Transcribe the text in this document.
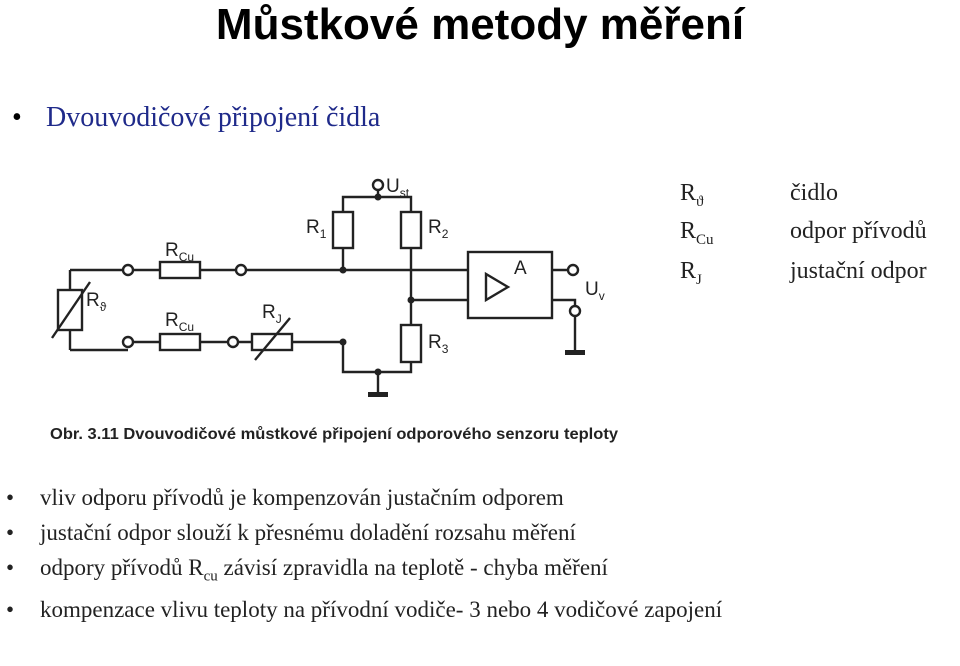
Můstkové metody měření
• Dvouvodičové připojení čidla
$R_ϑ$	čidlo
$R_{Cu}$	odpor přívodů
$R_J$	justační odpor
$R_{Cu}$
$R_{Cu}$
$R_ϑ$	$R_J$
$R_1$	$R_2$
$R_3$
$U_{st}$
$U_v$
A
Obr. 3.11 Dvouvodičové můstkové připojení odporového senzoru teploty
• vliv odporu přívodů je kompenzován justačním odporem
• justační odpor slouží k přesnému doladění rozsahu měření
• odpory přívodů $R_{cu}$ závisí zpravidla na teplotě - chyba měření
• kompenzace vlivu teploty na přívodní vodiče- 3 nebo 4 vodičové zapojení
